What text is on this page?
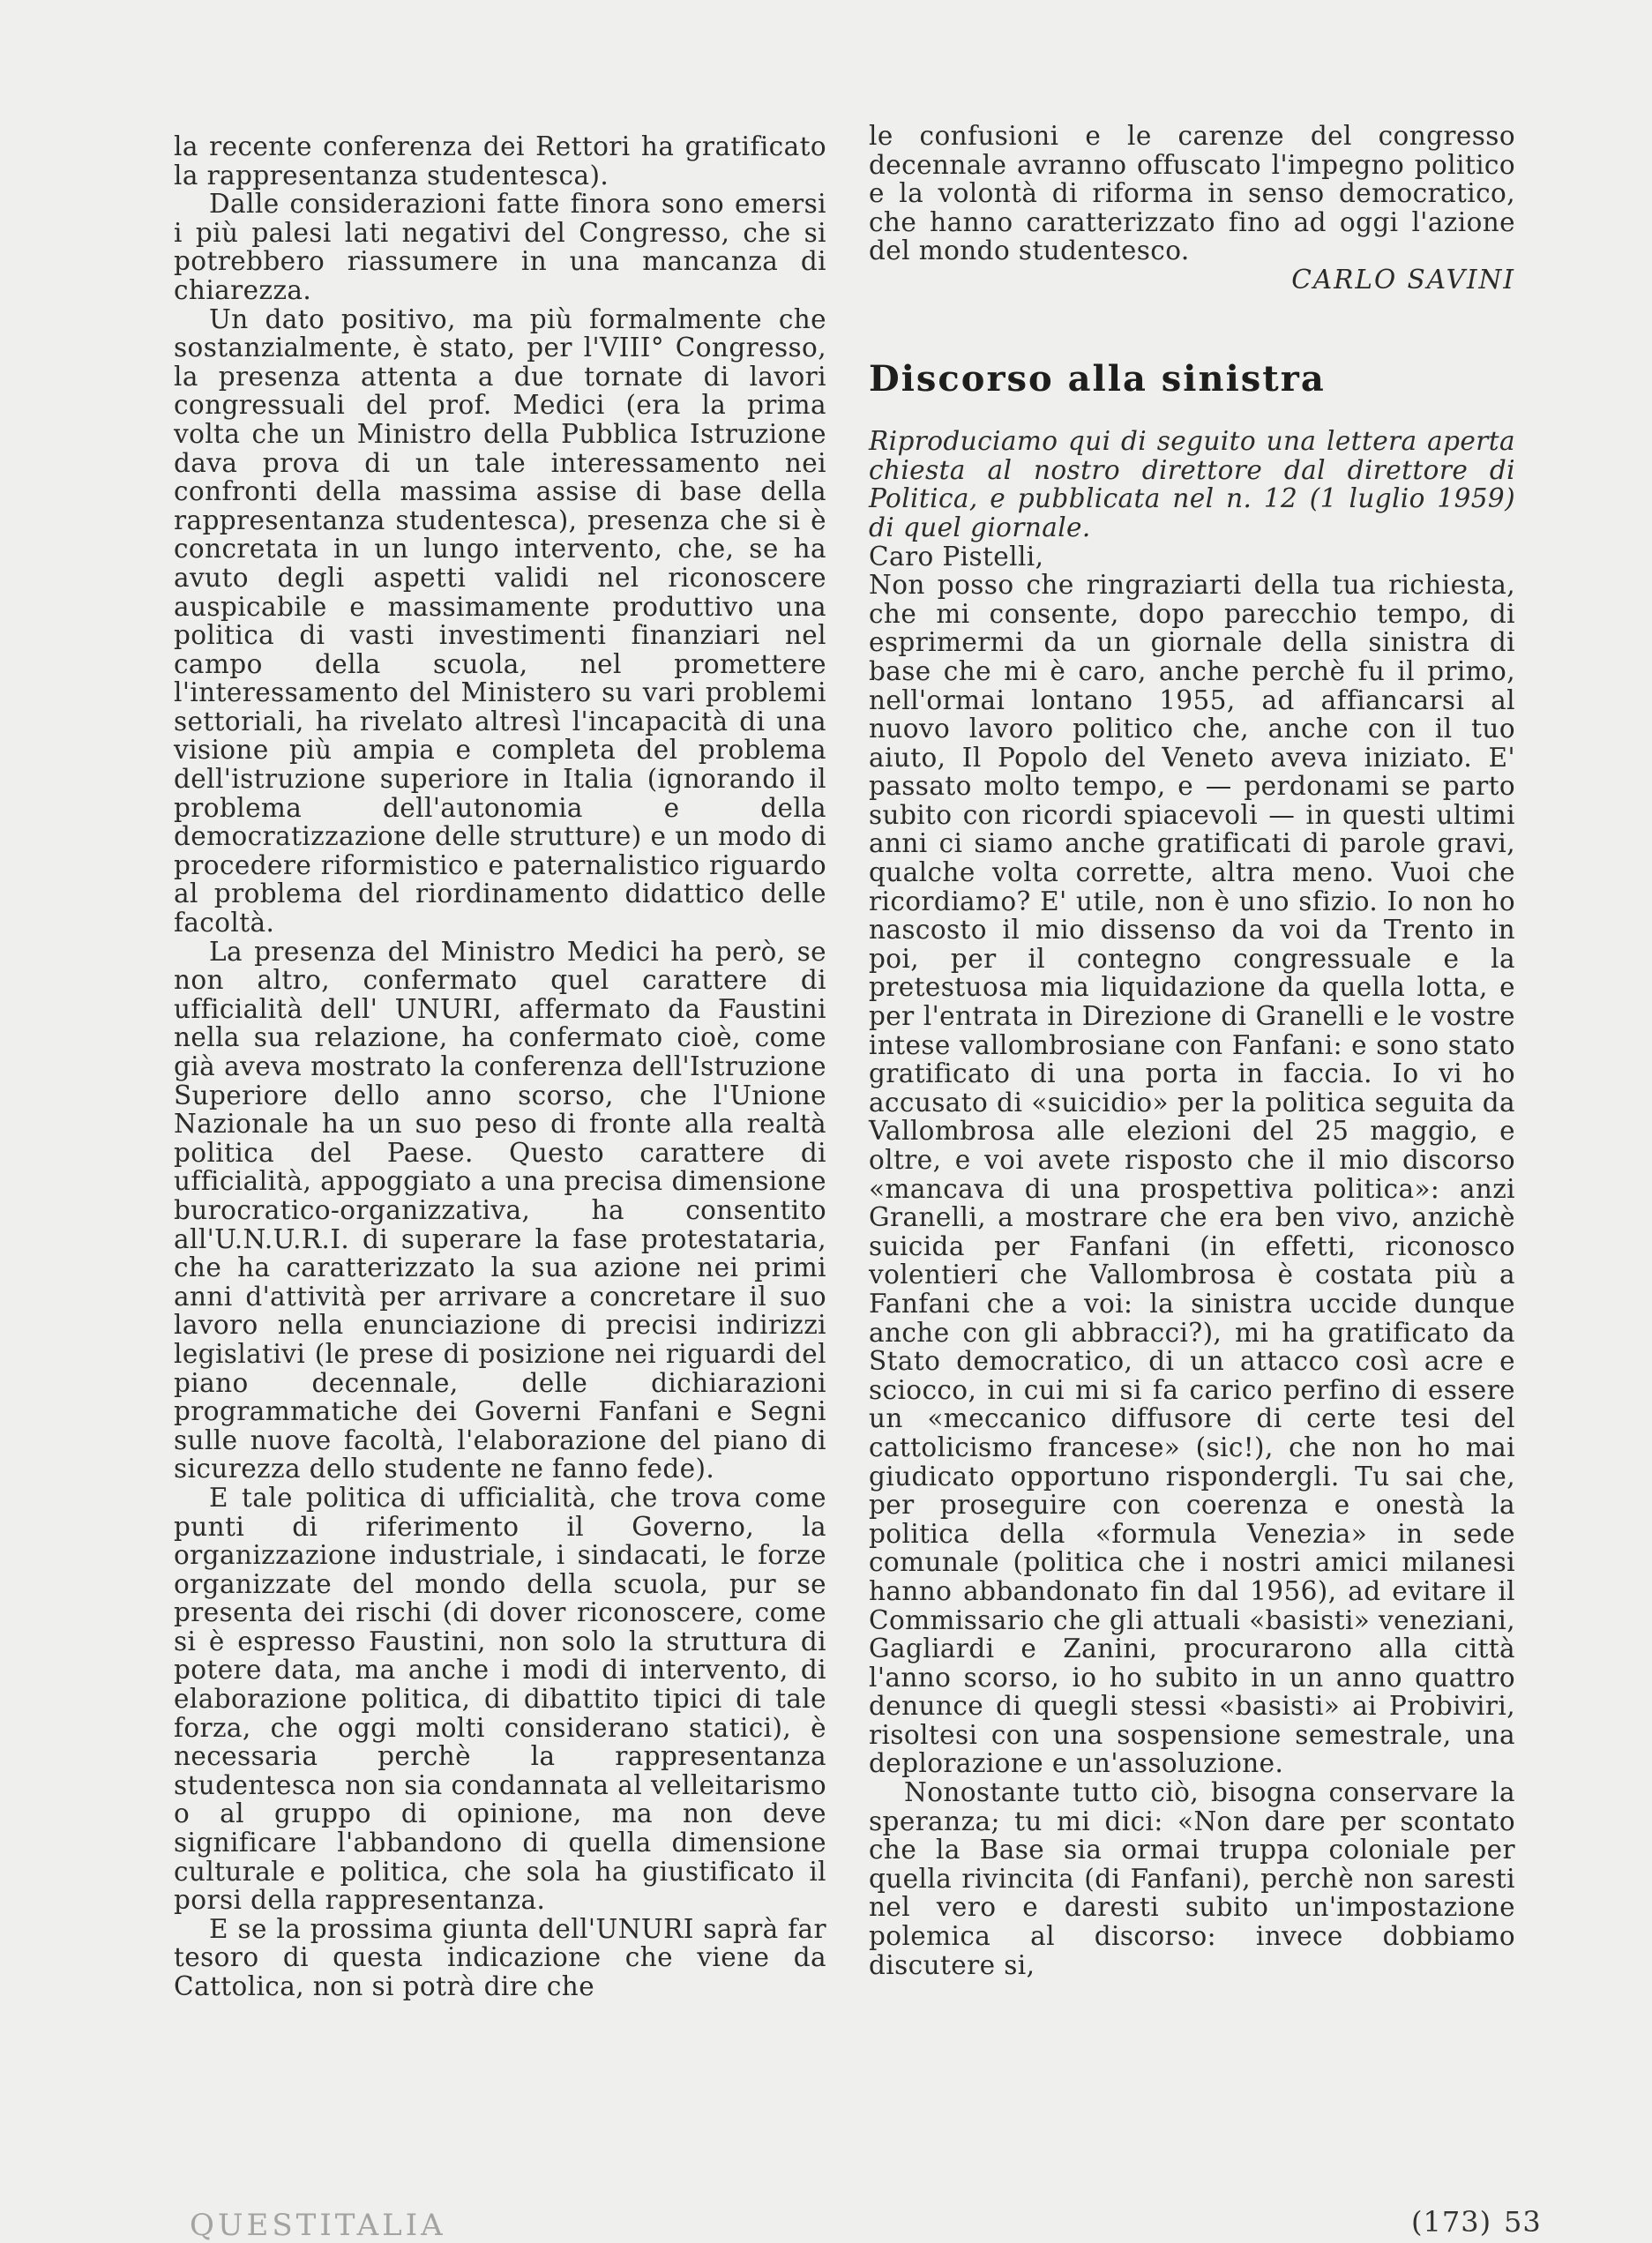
la recente conferenza dei Rettori ha gratificato la rappresentanza studentesca).

Dalle considerazioni fatte finora sono emersi i più palesi lati negativi del Congresso, che si potrebbero riassumere in una mancanza di chiarezza.

Un dato positivo, ma più formalmente che sostanzialmente, è stato, per l'VIII° Congresso, la presenza attenta a due tornate di lavori congressuali del prof. Medici (era la prima volta che un Ministro della Pubblica Istruzione dava prova di un tale interessamento nei confronti della massima assise di base della rappresentanza studentesca), presenza che si è concretata in un lungo intervento, che, se ha avuto degli aspetti validi nel riconoscere auspicabile e massimamente produttivo una politica di vasti investimenti finanziari nel campo della scuola, nel promettere l'interessamento del Ministero su vari problemi settoriali, ha rivelato altresì l'incapacità di una visione più ampia e completa del problema dell'istruzione superiore in Italia (ignorando il problema dell'autonomia e della democratizzazione delle strutture) e un modo di procedere riformistico e paternalistico riguardo al problema del riordinamento didattico delle facoltà.

La presenza del Ministro Medici ha però, se non altro, confermato quel carattere di ufficialità dell' UNURI, affermato da Faustini nella sua relazione, ha confermato cioè, come già aveva mostrato la conferenza dell'Istruzione Superiore dello anno scorso, che l'Unione Nazionale ha un suo peso di fronte alla realtà politica del Paese. Questo carattere di ufficialità, appoggiato a una precisa dimensione burocratico-organizzativa, ha consentito all'U.N.U.R.I. di superare la fase protestataria, che ha caratterizzato la sua azione nei primi anni d'attività per arrivare a concretare il suo lavoro nella enunciazione di precisi indirizzi legislativi (le prese di posizione nei riguardi del piano decennale, delle dichiarazioni programmatiche dei Governi Fanfani e Segni sulle nuove facoltà, l'elaborazione del piano di sicurezza dello studente ne fanno fede).

E tale politica di ufficialità, che trova come punti di riferimento il Governo, la organizzazione industriale, i sindacati, le forze organizzate del mondo della scuola, pur se presenta dei rischi (di dover riconoscere, come si è espresso Faustini, non solo la struttura di potere data, ma anche i modi di intervento, di elaborazione politica, di dibattito tipici di tale forza, che oggi molti considerano statici), è necessaria perchè la rappresentanza studentesca non sia condannata al velleitarismo o al gruppo di opinione, ma non deve significare l'abbandono di quella dimensione culturale e politica, che sola ha giustificato il porsi della rappresentanza.

E se la prossima giunta dell'UNURI saprà far tesoro di questa indicazione che viene da Cattolica, non si potrà dire che

le confusioni e le carenze del congresso decennale avranno offuscato l'impegno politico e la volontà di riforma in senso democratico, che hanno caratterizzato fino ad oggi l'azione del mondo studentesco.

CARLO SAVINI

Discorso alla sinistra

Riproduciamo qui di seguito una lettera aperta chiesta al nostro direttore dal direttore di Politica, e pubblicata nel n. 12 (1 luglio 1959) di quel giornale.

Caro Pistelli,

Non posso che ringraziarti della tua richiesta, che mi consente, dopo parecchio tempo, di esprimermi da un giornale della sinistra di base che mi è caro, anche perchè fu il primo, nell'ormai lontano 1955, ad affiancarsi al nuovo lavoro politico che, anche con il tuo aiuto, Il Popolo del Veneto aveva iniziato. E' passato molto tempo, e — perdonami se parto subito con ricordi spiacevoli — in questi ultimi anni ci siamo anche gratificati di parole gravi, qualche volta corrette, altra meno. Vuoi che ricordiamo? E' utile, non è uno sfizio. Io non ho nascosto il mio dissenso da voi da Trento in poi, per il contegno congressuale e la pretestuosa mia liquidazione da quella lotta, e per l'entrata in Direzione di Granelli e le vostre intese vallombrosiane con Fanfani: e sono stato gratificato di una porta in faccia. Io vi ho accusato di «suicidio» per la politica seguita da Vallombrosa alle elezioni del 25 maggio, e oltre, e voi avete risposto che il mio discorso «mancava di una prospettiva politica»: anzi Granelli, a mostrare che era ben vivo, anzichè suicida per Fanfani (in effetti, riconosco volentieri che Vallombrosa è costata più a Fanfani che a voi: la sinistra uccide dunque anche con gli abbracci?), mi ha gratificato da Stato democratico, di un attacco così acre e sciocco, in cui mi si fa carico perfino di essere un «meccanico diffusore di certe tesi del cattolicismo francese» (sic!), che non ho mai giudicato opportuno rispondergli. Tu sai che, per proseguire con coerenza e onestà la politica della «formula Venezia» in sede comunale (politica che i nostri amici milanesi hanno abbandonato fin dal 1956), ad evitare il Commissario che gli attuali «basisti» veneziani, Gagliardi e Zanini, procurarono alla città l'anno scorso, io ho subito in un anno quattro denunce di quegli stessi «basisti» ai Probiviri, risoltesi con una sospensione semestrale, una deplorazione e un'assoluzione.

Nonostante tutto ciò, bisogna conservare la speranza; tu mi dici: «Non dare per scontato che la Base sia ormai truppa coloniale per quella rivincita (di Fanfani), perchè non saresti nel vero e daresti subito un'impostazione polemica al discorso: invece dobbiamo discutere si,

QUESTITALIA	(173) 53
